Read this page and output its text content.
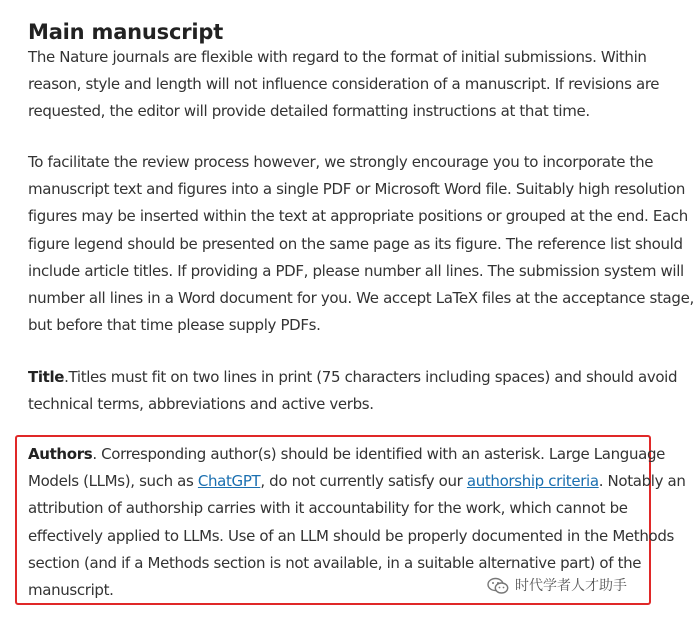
Main manuscript

The Nature journals are flexible with regard to the format of initial submissions. Within
reason, style and length will not influence consideration of a manuscript. If revisions are
requested, the editor will provide detailed formatting instructions at that time.

To facilitate the review process however, we strongly encourage you to incorporate the
manuscript text and figures into a single PDF or Microsoft Word file. Suitably high resolution
figures may be inserted within the text at appropriate positions or grouped at the end. Each
figure legend should be presented on the same page as its figure. The reference list should
include article titles. If providing a PDF, please number all lines. The submission system will
number all lines in a Word document for you. We accept LaTeX files at the acceptance stage,
but before that time please supply PDFs.

Title.Titles must fit on two lines in print (75 characters including spaces) and should avoid
technical terms, abbreviations and active verbs.

Authors. Corresponding author(s) should be identified with an asterisk. Large Language
Models (LLMs), such as ChatGPT, do not currently satisfy our authorship criteria. Notably an
attribution of authorship carries with it accountability for the work, which cannot be
effectively applied to LLMs. Use of an LLM should be properly documented in the Methods
section (and if a Methods section is not available, in a suitable alternative part) of the
manuscript.	时代学者人才助手
